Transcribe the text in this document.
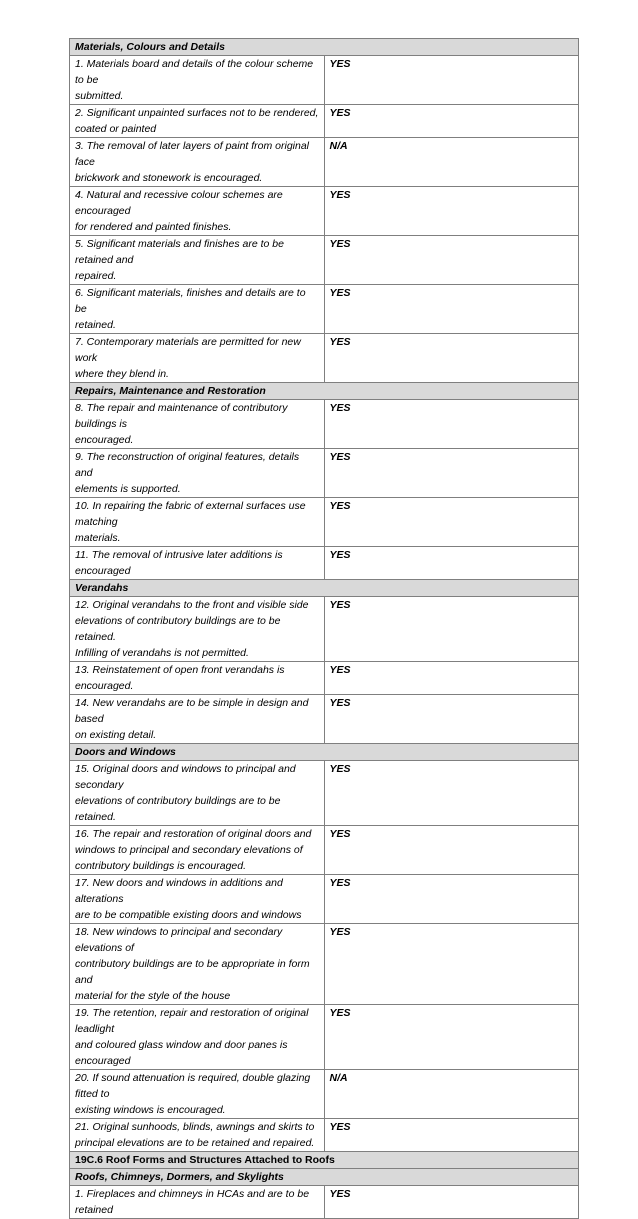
Materials, Colours and Details	
1. Materials board and details of the colour scheme to be
submitted.	YES
2. Significant unpainted surfaces not to be rendered,
coated or painted	YES
3. The removal of later layers of paint from original face
brickwork and stonework is encouraged.	N/A
4. Natural and recessive colour schemes are encouraged
for rendered and painted finishes.	YES
5. Significant materials and finishes are to be retained and
repaired.	YES
6. Significant materials, finishes and details are to be
retained.	YES
7. Contemporary materials are permitted for new work
where they blend in.	YES
Repairs, Maintenance and Restoration	
8. The repair and maintenance of contributory buildings is
encouraged.	YES
9. The reconstruction of original features, details and
elements is supported.	YES
10. In repairing the fabric of external surfaces use matching
materials.	YES
11. The removal of intrusive later additions is encouraged	YES
Verandahs	
12. Original verandahs to the front and visible side
elevations of contributory buildings are to be retained.
Infilling of verandahs is not permitted.	YES
13. Reinstatement of open front verandahs is encouraged.	YES
14. New verandahs are to be simple in design and based
on existing detail.	YES
Doors and Windows	
15. Original doors and windows to principal and secondary
elevations of contributory buildings are to be retained.	YES
16. The repair and restoration of original doors and
windows to principal and secondary elevations of
contributory buildings is encouraged.	YES
17. New doors and windows in additions and alterations
are to be compatible existing doors and windows	YES
18. New windows to principal and secondary elevations of
contributory buildings are to be appropriate in form and
material for the style of the house	YES
19. The retention, repair and restoration of original leadlight
and coloured glass window and door panes is encouraged	YES
20. If sound attenuation is required, double glazing fitted to
existing windows is encouraged.	N/A
21. Original sunhoods, blinds, awnings and skirts to
principal elevations are to be retained and repaired.	YES
19C.6 Roof Forms and Structures Attached to Roofs	
Roofs, Chimneys, Dormers, and Skylights	
1. Fireplaces and chimneys in HCAs and are to be retained	YES
